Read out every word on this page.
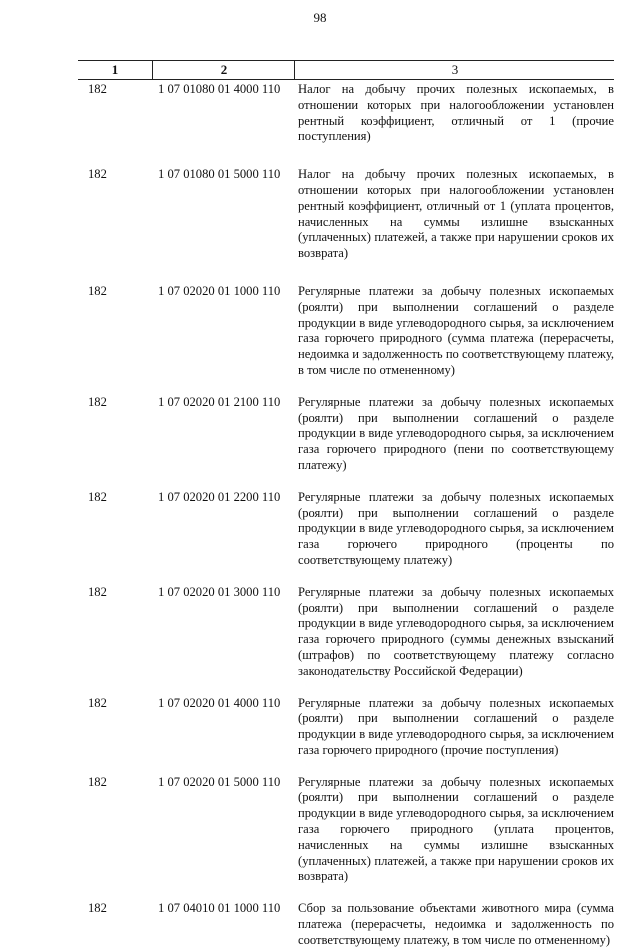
98
1	2	3
182	1 07 01080 01 4000 110	Налог на добычу прочих полезных ископаемых, в отношении которых при налогообложении установлен рентный коэффициент, отличный от 1 (прочие поступления)
182	1 07 01080 01 5000 110	Налог на добычу прочих полезных ископаемых, в отношении которых при налогообложении установлен рентный коэффициент, отличный от 1 (уплата процентов, начисленных на суммы излишне взысканных (уплаченных) платежей, а также при нарушении сроков их возврата)
182	1 07 02020 01 1000 110	Регулярные платежи за добычу полезных ископаемых (роялти) при выполнении соглашений о разделе продукции в виде углеводородного сырья, за исключением газа горючего природного (сумма платежа (перерасчеты, недоимка и задолженность по соответствующему платежу, в том числе по отмененному)
182	1 07 02020 01 2100 110	Регулярные платежи за добычу полезных ископаемых (роялти) при выполнении соглашений о разделе продукции в виде углеводородного сырья, за исключением газа горючего природного (пени по соответствующему платежу)
182	1 07 02020 01 2200 110	Регулярные платежи за добычу полезных ископаемых (роялти) при выполнении соглашений о разделе продукции в виде углеводородного сырья, за исключением газа горючего природного (проценты по соответствующему платежу)
182	1 07 02020 01 3000 110	Регулярные платежи за добычу полезных ископаемых (роялти) при выполнении соглашений о разделе продукции в виде углеводородного сырья, за исключением газа горючего природного (суммы денежных взысканий (штрафов) по соответствующему платежу согласно законодательству Российской Федерации)
182	1 07 02020 01 4000 110	Регулярные платежи за добычу полезных ископаемых (роялти) при выполнении соглашений о разделе продукции в виде углеводородного сырья, за исключением газа горючего природного (прочие поступления)
182	1 07 02020 01 5000 110	Регулярные платежи за добычу полезных ископаемых (роялти) при выполнении соглашений о разделе продукции в виде углеводородного сырья, за исключением газа горючего природного (уплата процентов, начисленных на суммы излишне взысканных (уплаченных) платежей, а также при нарушении сроков их возврата)
182	1 07 04010 01 1000 110	Сбор за пользование объектами животного мира (сумма платежа (перерасчеты, недоимка и задолженность по соответствующему платежу, в том числе по отмененному)
